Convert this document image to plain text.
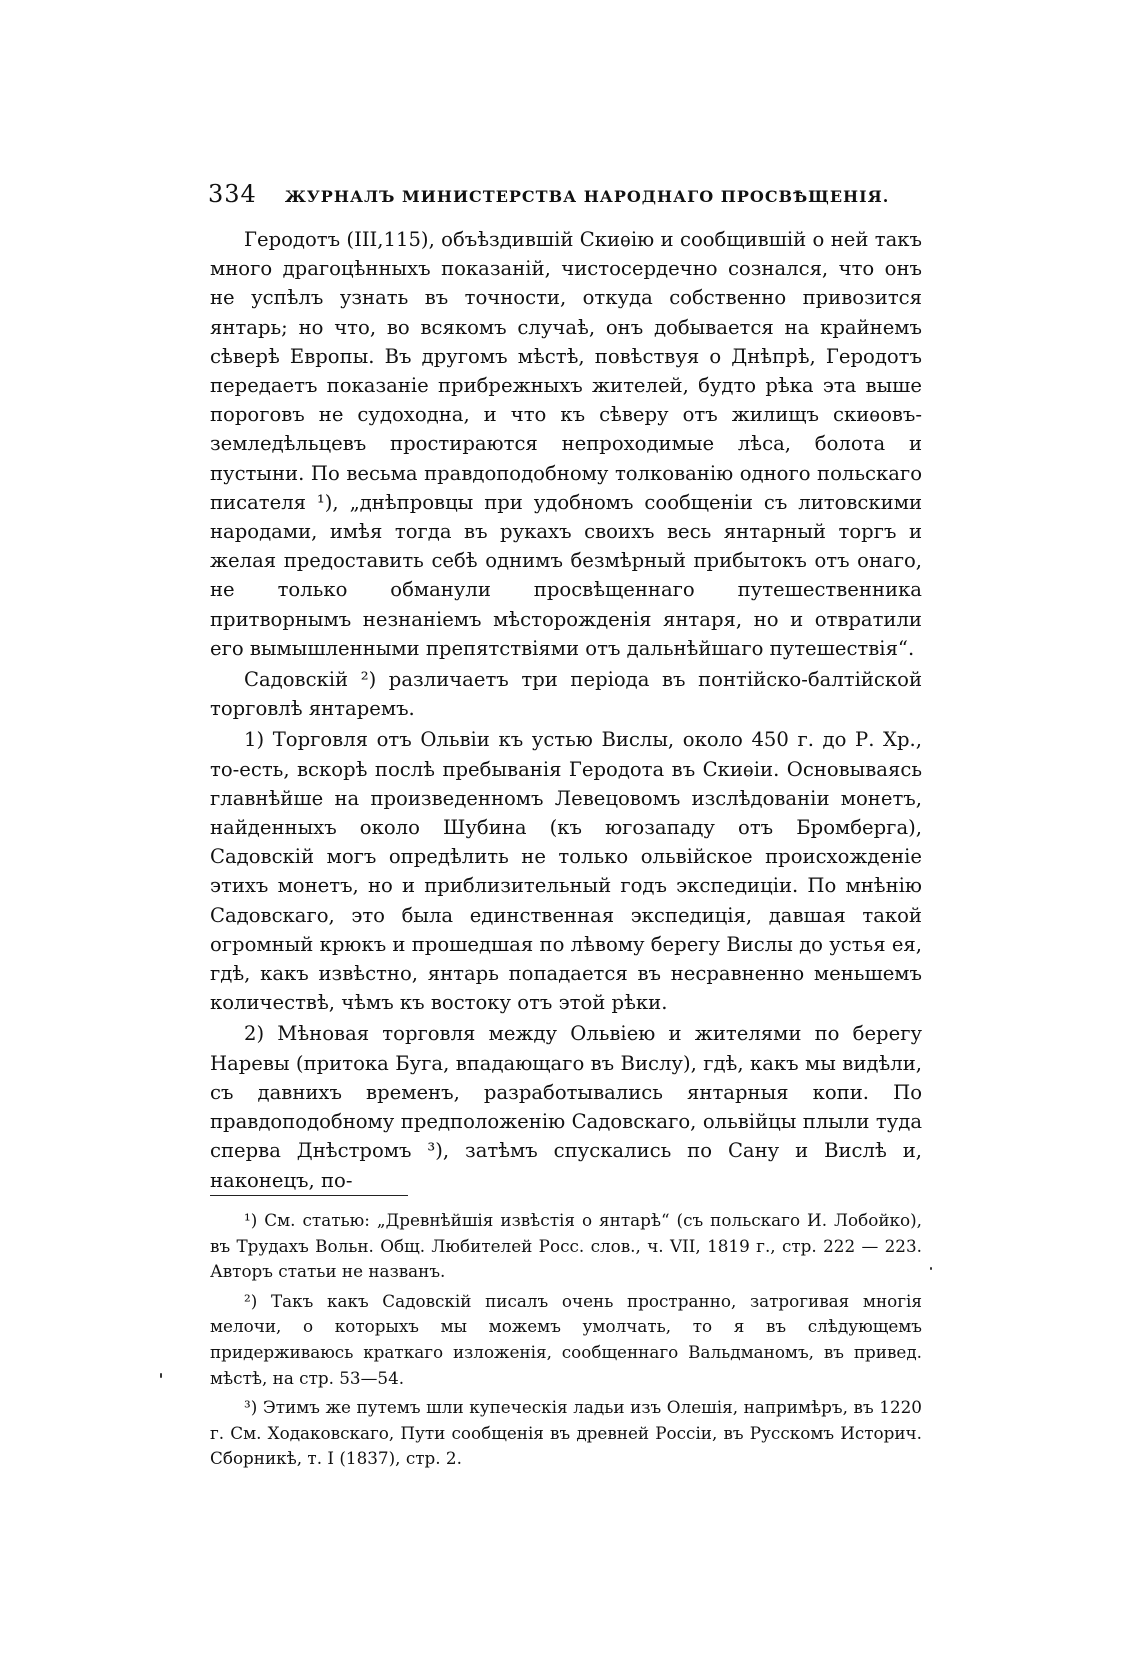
334 ЖУРНАЛЪ МИНИСТЕРСТВА НАРОДНАГО ПРОСВѢЩЕНІЯ.

Геродотъ (III,115), объѣздившій Скиѳію и сообщившій о ней такъ много драгоцѣнныхъ показаній, чистосердечно сознался, что онъ не успѣлъ узнать въ точности, откуда собственно привозится янтарь; но что, во всякомъ случаѣ, онъ добывается на крайнемъ сѣверѣ Европы. Въ другомъ мѣстѣ, повѣствуя о Днѣпрѣ, Геродотъ передаетъ показаніе прибрежныхъ жителей, будто рѣка эта выше пороговъ не судоходна, и что къ сѣверу отъ жилищъ скиѳовъ-земледѣльцевъ простираются непроходимые лѣса, болота и пустыни. По весьма правдоподобному толкованію одного польскаго писателя ¹), „днѣпровцы при удобномъ сообщеніи съ литовскими народами, имѣя тогда въ рукахъ своихъ весь янтарный торгъ и желая предоставить себѣ однимъ безмѣрный прибытокъ отъ онаго, не только обманули просвѣщеннаго путешественника притворнымъ незнаніемъ мѣсторожденія янтаря, но и отвратили его вымышленными препятствіями отъ дальнѣйшаго путешествія“.

Садовскій ²) различаетъ три періода въ понтійско-балтійской торговлѣ янтаремъ.

1) Торговля отъ Ольвіи къ устью Вислы, около 450 г. до Р. Хр., то-есть, вскорѣ послѣ пребыванія Геродота въ Скиѳіи. Основываясь главнѣйше на произведенномъ Левецовомъ изслѣдованіи монетъ, найденныхъ около Шубина (къ югозападу отъ Бромберга), Садовскій могъ опредѣлить не только ольвійское происхожденіе этихъ монетъ, но и приблизительный годъ экспедиціи. По мнѣнію Садовскаго, это была единственная экспедиція, давшая такой огромный крюкъ и прошедшая по лѣвому берегу Вислы до устья ея, гдѣ, какъ извѣстно, янтарь попадается въ несравненно меньшемъ количествѣ, чѣмъ къ востоку отъ этой рѣки.

2) Мѣновая торговля между Ольвіею и жителями по берегу Наревы (притока Буга, впадающаго въ Вислу), гдѣ, какъ мы видѣли, съ давнихъ временъ, разработывались янтарныя копи. По правдоподобному предположенію Садовскаго, ольвійцы плыли туда сперва Днѣстромъ ³), затѣмъ спускались по Сану и Вислѣ и, наконецъ, по-

¹) См. статью: „Древнѣйшія извѣстія о янтарѣ“ (съ польскаго И. Лобойко), въ Трудахъ Вольн. Общ. Любителей Росс. слов., ч. VII, 1819 г., стр. 222 — 223. Авторъ статьи не названъ.

²) Такъ какъ Садовскій писалъ очень пространно, затрогивая многія мелочи, о которыхъ мы можемъ умолчать, то я въ слѣдующемъ придерживаюсь краткаго изложенія, сообщеннаго Вальдманомъ, въ привед. мѣстѣ, на стр. 53—54.

³) Этимъ же путемъ шли купеческія ладьи изъ Олешія, напримѣръ, въ 1220 г. См. Ходаковскаго, Пути сообщенія въ древней Россіи, въ Русскомъ Историч. Сборникѣ, т. I (1837), стр. 2.
